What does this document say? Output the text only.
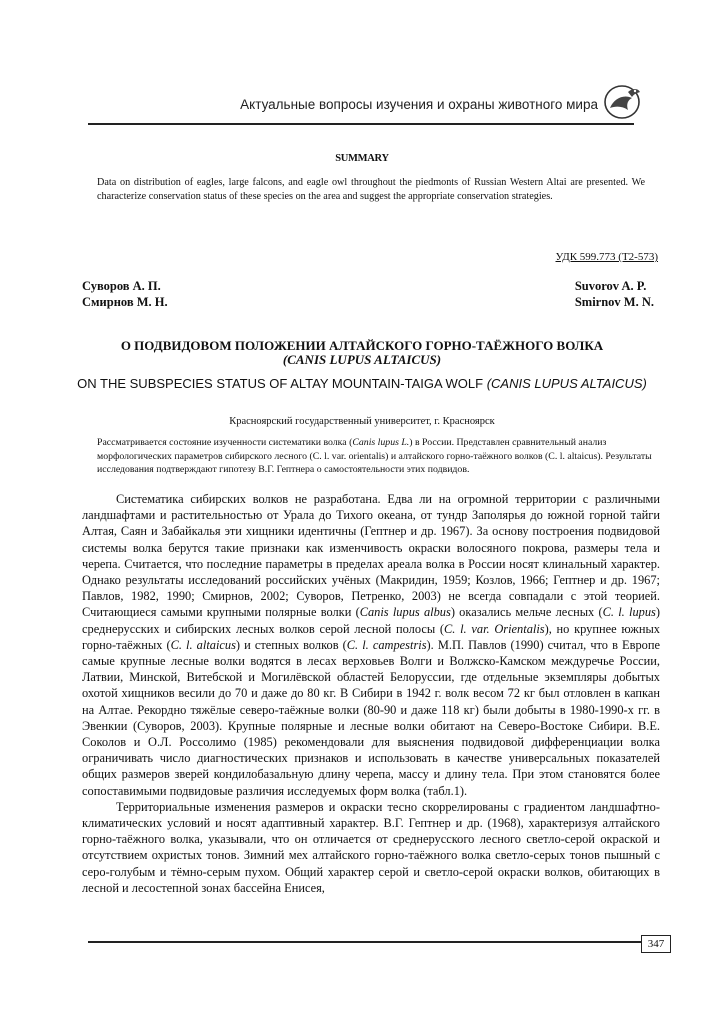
Актуальные вопросы изучения и охраны животного мира
SUMMARY
Data on distribution of eagles, large falcons, and eagle owl throughout the piedmonts of Russian Western Altai are presented. We characterize conservation status of these species on the area and suggest the appropriate conservation strategies.
УДК 599.773 (Т2-573)
Суворов А. П.
Смирнов М. Н.
Suvorov A. P.
Smirnov M. N.
О ПОДВИДОВОМ ПОЛОЖЕНИИ АЛТАЙСКОГО ГОРНО-ТАЁЖНОГО ВОЛКА
(CANIS LUPUS ALTAICUS)
ON THE SUBSPECIES STATUS OF ALTAY MOUNTAIN-TAIGA WOLF (CANIS LUPUS ALTAICUS)
Красноярский государственный университет, г. Красноярск
Рассматривается состояние изученности систематики волка (Canis lupus L.) в России. Представлен сравнительный анализ морфологических параметров сибирского лесного (C. l. var. orientalis) и алтайского горно-таёжного волков (C. l. altaicus). Результаты исследования подтверждают гипотезу В.Г. Гептнера о самостоятельности этих подвидов.

Систематика сибирских волков не разработана. Едва ли на огромной территории с различными ландшафтами и растительностью от Урала до Тихого океана, от тундр Заполярья до южной горной тайги Алтая, Саян и Забайкалья эти хищники идентичны (Гептнер и др. 1967). За основу построения подвидовой системы волка берутся такие признаки как изменчивость окраски волосяного покрова, размеры тела и черепа. Считается, что последние параметры в пределах ареала волка в России носят клинальный характер. Однако результаты исследований российских учёных (Макридин, 1959; Козлов, 1966; Гептнер и др. 1967; Павлов, 1982, 1990; Смирнов, 2002; Суворов, Петренко, 2003) не всегда совпадали с этой теорией. Считающиеся самыми крупными полярные волки (Canis lupus albus) оказались мельче лесных (C. l. lupus) среднерусских и сибирских лесных волков серой лесной полосы (C. l. var. Orientalis), но крупнее южных горно-таёжных (C. l. altaicus) и степных волков (C. l. campestris). М.П. Павлов (1990) считал, что в Европе самые крупные лесные волки водятся в лесах верховьев Волги и Волжско-Камском междуречье России, Латвии, Минской, Витебской и Могилёвской областей Белоруссии, где отдельные экземпляры добытых охотой хищников весили до 70 и даже до 80 кг. В Сибири в 1942 г. волк весом 72 кг был отловлен в капкан на Алтае. Рекордно тяжёлые северо-таёжные волки (80-90 и даже 118 кг) были добыты в 1980-1990-х гг. в Эвенкии (Суворов, 2003). Крупные полярные и лесные волки обитают на Северо-Востоке Сибири. В.Е. Соколов и О.Л. Россолимо (1985) рекомендовали для выяснения подвидовой дифференциации волка ограничивать число диагностических признаков и использовать в качестве универсальных показателей общих размеров зверей кондилобазальную длину черепа, массу и длину тела. При этом становятся более сопоставимыми подвидовые различия исследуемых форм волка (табл.1).

Территориальные изменения размеров и окраски тесно скоррелированы с градиентом ландшафтно-климатических условий и носят адаптивный характер. В.Г. Гептнер и др. (1968), характеризуя алтайского горно-таёжного волка, указывали, что он отличается от среднерусского лесного светло-серой окраской и отсутствием охристых тонов. Зимний мех алтайского горно-таёжного волка светло-серых тонов пышный с серо-голубым и тёмно-серым пухом. Общий характер серой и светло-серой окраски волков, обитающих в лесной и лесостепной зонах бассейна Енисея,

347
